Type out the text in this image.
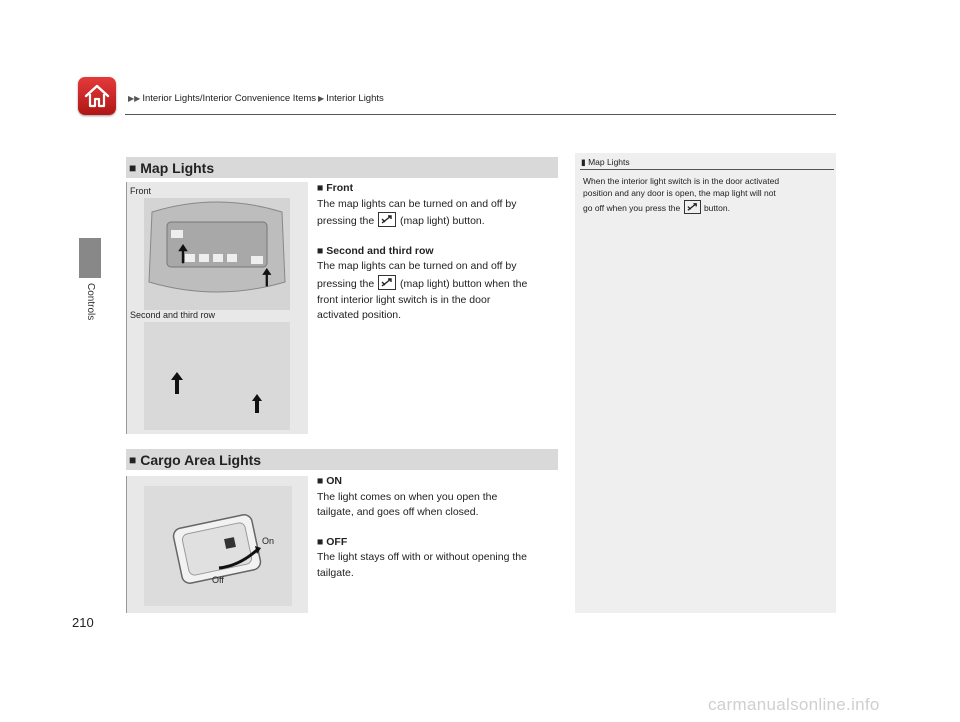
▶▶ Interior Lights/Interior Convenience Items ▶ Interior Lights
Controls
■ Map Lights
Front
Second and third row

■ Front

The map lights can be turned on and off by

pressing the (map light) button.

■ Second and third row

The map lights can be turned on and off by

pressing the (map light) button when the

front interior light switch is in the door

activated position.

■ Cargo Area Lights
On
Off

■ ON

The light comes on when you open the

tailgate, and goes off when closed.

■ OFF

The light stays off with or without opening the

tailgate.

▮ Map Lights
When the interior light switch is in the door activated
position and any door is open, the map light will not
go off when you press the	button.
210
carmanualsonline.info
